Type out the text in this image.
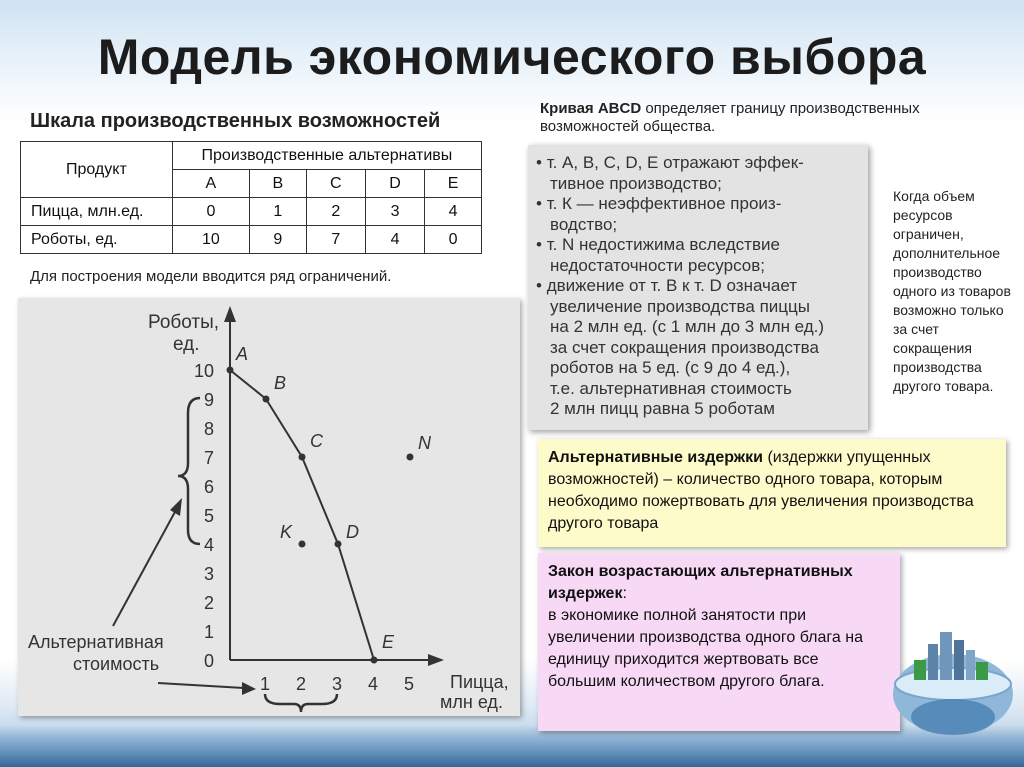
Модель экономического выбора
Шкала производственных возможностей
Продукт	Производственные альтернативы				
	A	B	C	D	E
Пицца, млн.ед.	0	1	2	3	4
Роботы, ед.	10	9	7	4	0
Для построения модели вводится ряд ограничений.
Роботы,
ед.
Пицца,
млн ед.
0
1
2
3
4
5
6
7
8
9
10
1 2 3 4 5
A
B
C
D
E
K
N
Альтернативная
стоимость
Кривая ABCD определяет границу производственных возможностей общества.
• т. А, В, С, D, Е отражают эффек-
тивное производство;
• т. К — неэффективное произ-
водство;
• т. N недостижима вследствие
недостаточности ресурсов;
• движение от т. В к т. D означает
увеличение производства пиццы
на 2 млн ед. (с 1 млн до 3 млн ед.)
за счет сокращения производства
роботов на 5 ед. (с 9 до 4 ед.),
т.е. альтернативная стоимость
2 млн пицц равна 5 роботам
Когда объем ресурсов ограничен, дополнительное производство одного из товаров возможно только за счет сокращения производства другого товара.
Альтернативные издержки (издержки упущенных возможностей) – количество одного товара, которым необходимо пожертвовать для увеличения производства другого товара
Закон возрастающих альтернативных издержек:
в экономике полной занятости при увеличении производства одного блага на единицу приходится жертвовать все большим количеством другого блага.
